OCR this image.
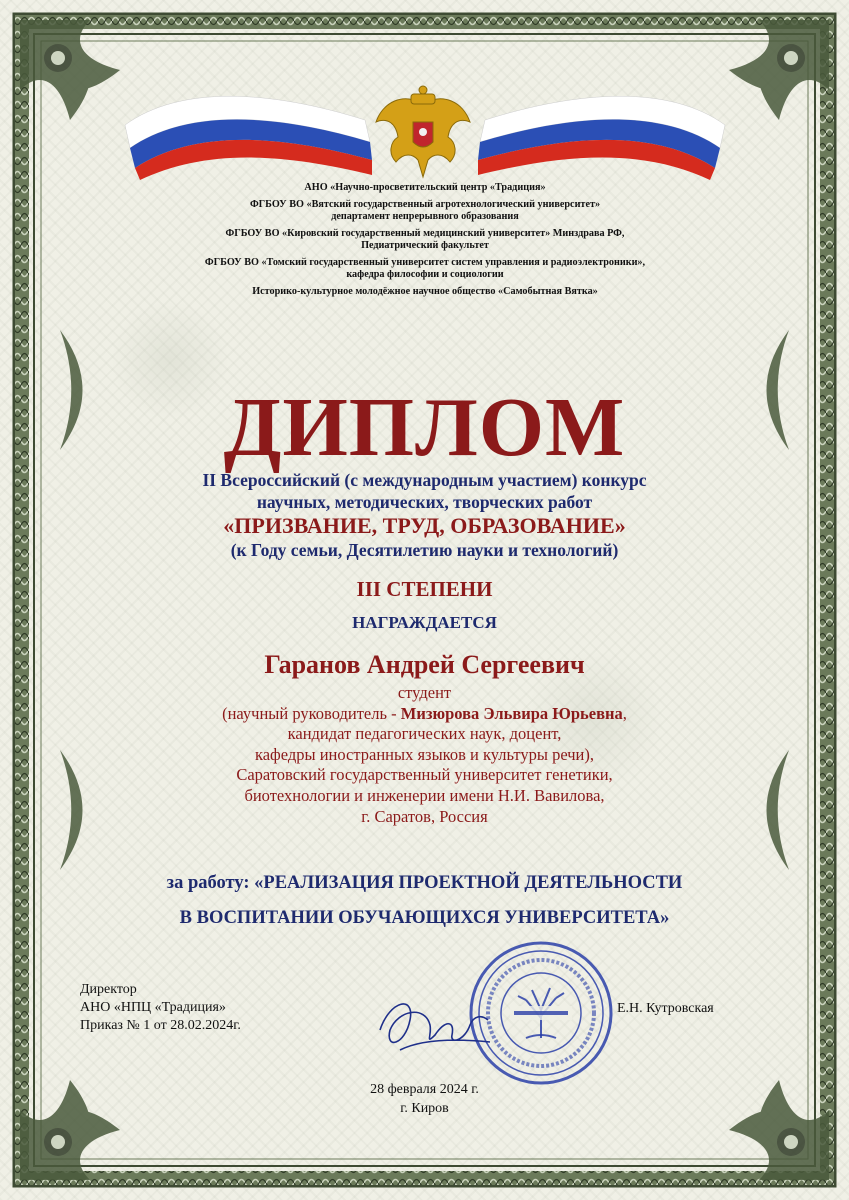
АНО «Научно-просветительский центр «Традиция»
ФГБОУ ВО «Вятский государственный агротехнологический университет»
департамент непрерывного образования
ФГБОУ ВО «Кировский государственный медицинский университет» Минздрава РФ,
Педиатрический факультет
ФГБОУ ВО «Томский государственный университет систем управления и радиоэлектроники»,
кафедра философии и социологии
Историко-культурное молодёжное научное общество «Самобытная Вятка»
ДИПЛОМ
II Всероссийский (с международным участием) конкурс
научных, методических, творческих работ
«ПРИЗВАНИЕ, ТРУД, ОБРАЗОВАНИЕ»
(к Году семьи, Десятилетию науки и технологий)
III СТЕПЕНИ
НАГРАЖДАЕТСЯ
Гаранов Андрей Сергеевич
студент
(научный руководитель - Мизюрова Эльвира Юрьевна,
кандидат педагогических наук, доцент,
кафедры иностранных языков и культуры речи),
Саратовский государственный университет генетики,
биотехнологии и инженерии имени Н.И. Вавилова,
г. Саратов, Россия
за работу: «РЕАЛИЗАЦИЯ ПРОЕКТНОЙ ДЕЯТЕЛЬНОСТИ
В ВОСПИТАНИИ ОБУЧАЮЩИХСЯ УНИВЕРСИТЕТА»
Директор
АНО «НПЦ «Традиция»
Приказ № 1 от 28.02.2024г.
Е.Н. Кутровская
28 февраля 2024 г.
г. Киров
